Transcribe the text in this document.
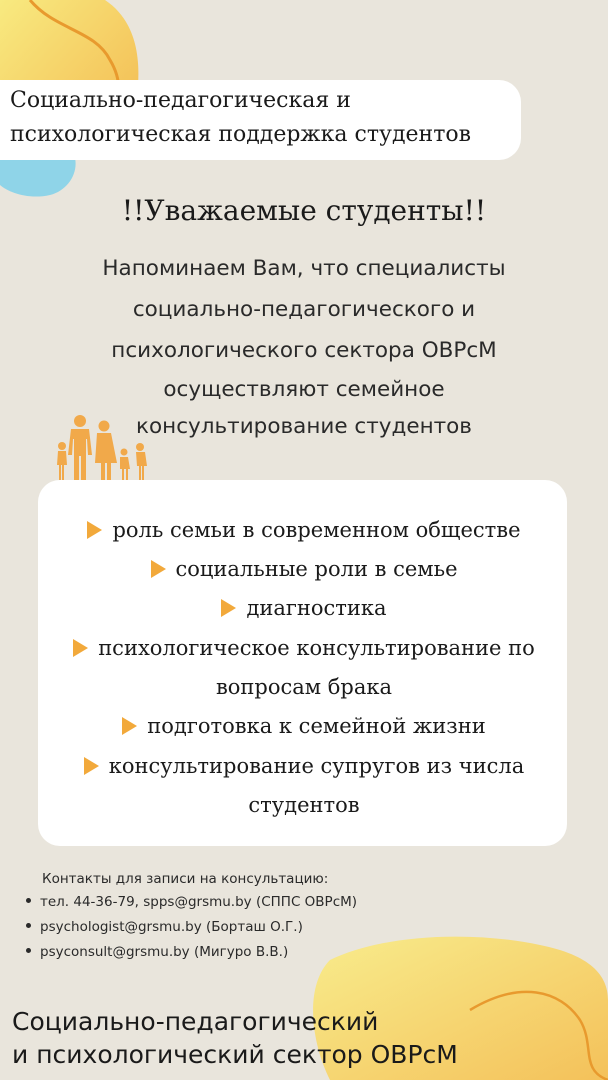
Социально-педагогическая и
психологическая поддержка студентов
!!Уважаемые студенты!!
Напоминаем Вам, что специалисты
социально-педагогического и
психологического сектора ОВРсМ
осуществляют семейное
консультирование студентов
роль семьи в современном обществе
социальные роли в семье
диагностика
психологическое консультирование по
вопросам брака
подготовка к семейной жизни
консультирование супругов из числа
студентов
Контакты для записи на консультацию:
тел. 44-36-79, spps@grsmu.by (СППС ОВРсМ)
psychologist@grsmu.by (Борташ О.Г.)
psyconsult@grsmu.by (Мигуро В.В.)
Социально-педагогический
и психологический сектор ОВРсМ
